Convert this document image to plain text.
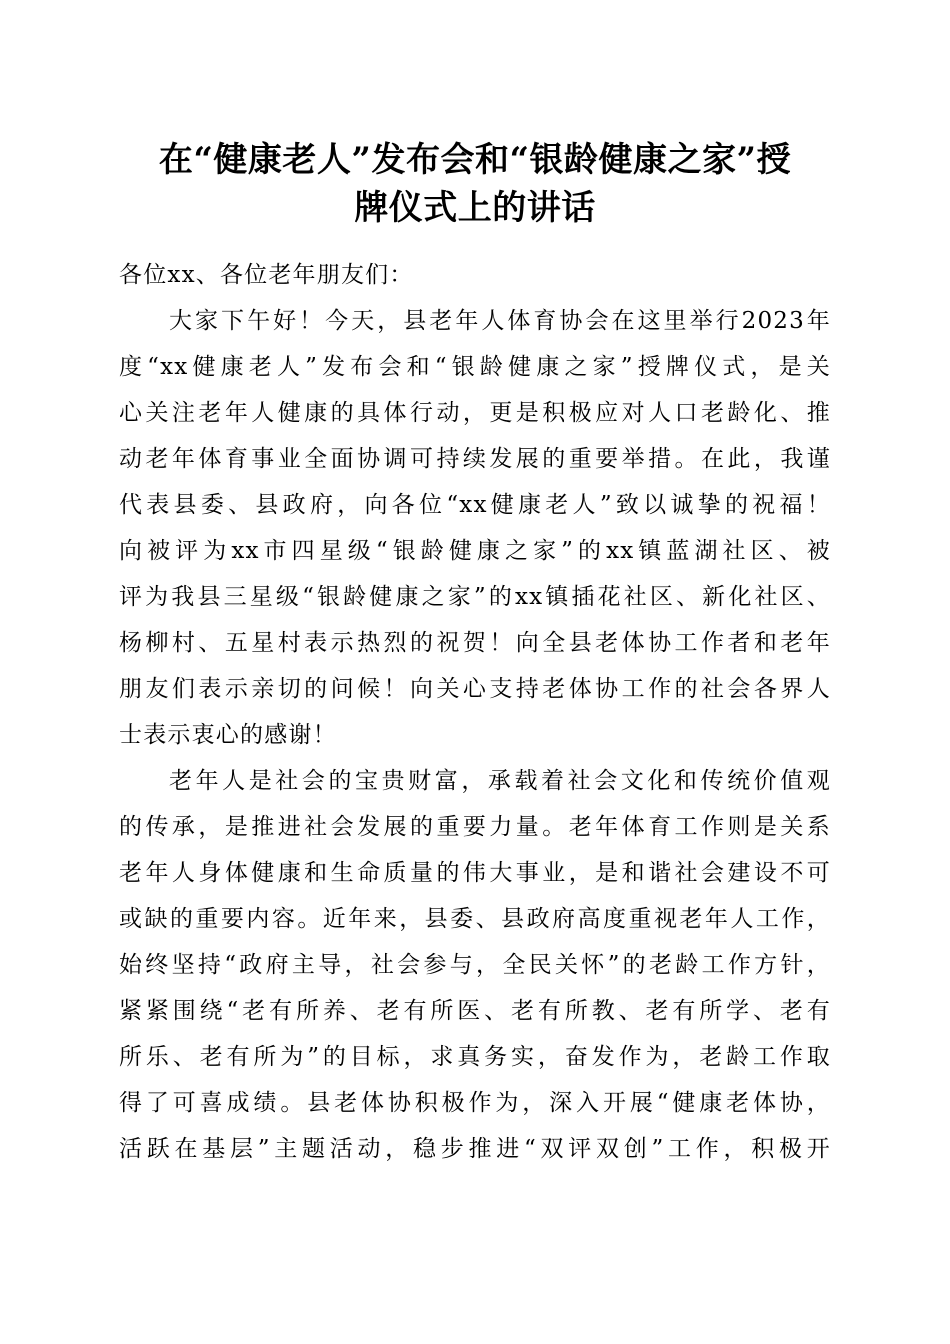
在“健康老人”发布会和“银龄健康之家”授
牌仪式上的讲话
各位xx、各位老年朋友们：
大家下午好！今天，县老年人体育协会在这里举行2023年
度“xx健康老人”发布会和“银龄健康之家”授牌仪式，是关
心关注老年人健康的具体行动，更是积极应对人口老龄化、推
动老年体育事业全面协调可持续发展的重要举措。在此，我谨
代表县委、县政府，向各位“xx健康老人”致以诚挚的祝福！
向被评为xx市四星级“银龄健康之家”的xx镇蓝湖社区、被
评为我县三星级“银龄健康之家”的xx镇插花社区、新化社区、
杨柳村、五星村表示热烈的祝贺！向全县老体协工作者和老年
朋友们表示亲切的问候！向关心支持老体协工作的社会各界人
士表示衷心的感谢！
老年人是社会的宝贵财富，承载着社会文化和传统价值观
的传承，是推进社会发展的重要力量。老年体育工作则是关系
老年人身体健康和生命质量的伟大事业，是和谐社会建设不可
或缺的重要内容。近年来，县委、县政府高度重视老年人工作，
始终坚持“政府主导，社会参与，全民关怀”的老龄工作方针，
紧紧围绕“老有所养、老有所医、老有所教、老有所学、老有
所乐、老有所为”的目标，求真务实，奋发作为，老龄工作取
得了可喜成绩。县老体协积极作为，深入开展“健康老体协，
活跃在基层”主题活动，稳步推进“双评双创”工作，积极开
